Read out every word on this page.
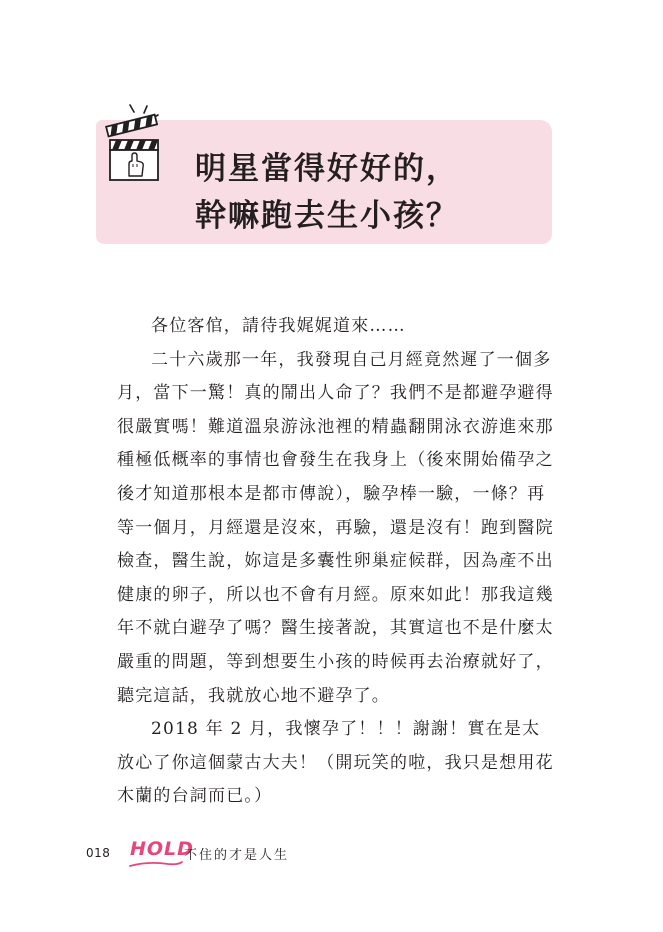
明星當得好好的，
幹嘛跑去生小孩？

各位客倌，請待我娓娓道來……

二十六歲那一年，我發現自己月經竟然遲了一個多月，當下一驚！真的鬧出人命了？我們不是都避孕避得很嚴實嗎！難道溫泉游泳池裡的精蟲翻開泳衣游進來那種極低概率的事情也會發生在我身上（後來開始備孕之後才知道那根本是都市傳說），驗孕棒一驗，一條？再等一個月，月經還是沒來，再驗，還是沒有！跑到醫院檢查，醫生說，妳這是多囊性卵巢症候群，因為產不出健康的卵子，所以也不會有月經。原來如此！那我這幾年不就白避孕了嗎？醫生接著說，其實這也不是什麼太嚴重的問題，等到想要生小孩的時候再去治療就好了，聽完這話，我就放心地不避孕了。

2018 年 2 月，我懷孕了！！！謝謝！實在是太放心了你這個蒙古大夫！（開玩笑的啦，我只是想用花木蘭的台詞而已。）

018 HOLD
不住的才是人生
